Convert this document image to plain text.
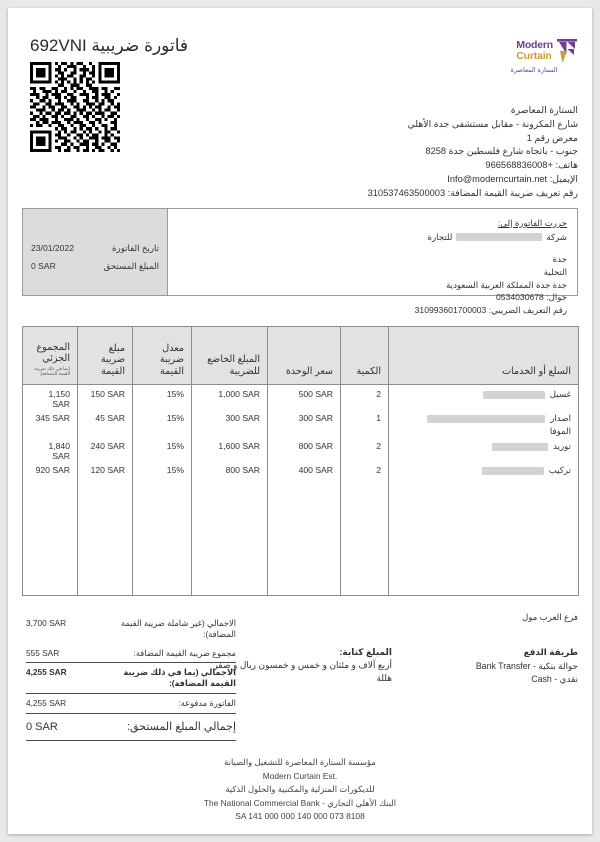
فاتورة ضريبية INV296	Modern
Curtain
الستارة المعاصرة
الستارة المعاصرة
شارع المكرونة - مقابل مستشفى جدة الأهلي
معرض رقم 1
جنوب - باتجاه شارع فلسطين جدة 8258
هاتف: +966568836008
الإيميل: Info@moderncurtain.net
رقم تعريف ضريبة القيمة المضافة: 310537463500003
تاريخ الفاتورة
23/01/2022
المبلغ المستحق
0 SAR
حررت الفاتورة إلى:
شركة
للتجارة
جدة
التحلية
جدة جدة المملكة العربية السعودية
جوال: 0534030678
رقم التعريف الضريبي: 310993601700003
السلع أو الخدمات	الكمية	سعر الوحدة	المبلغ الخاضع للضريبة	معدل ضريبة القيمة	مبلغ ضريبة القيمة	المجموع الجزئي
(بما في ذلك ضريبة القيمة المضافة)

غسيل	2	500 SAR	1,000 SAR	15%	150 SAR	1,150 SAR

اصدار
الموفا	1	300 SAR	300 SAR	15%	45 SAR	345 SAR

توريد	2	800 SAR	1,600 SAR	15%	240 SAR	1,840 SAR

تركيب	2	400 SAR	800 SAR	15%	120 SAR	920 SAR

فرع العرب مول
طريقة الدفع
حوالة بنكية - Bank Transfer
نقدي - Cash
المبلغ كتابة:
أربع آلاف و مئتان و خمس و خمسون ريال و صفر هللة
الاجمالي (غير شاملة ضريبة القيمة المضافة):
3,700 SAR
مجموع ضريبة القيمة المضافة:
555 SAR
الاجمالي (بما في ذلك ضريبة القيمة المضافة):
4,255 SAR
الفاتورة مدفوعة:
4,255 SAR
إجمالي المبلغ المستحق:
0 SAR
مؤسسة الستارة المعاصرة للتشغيل والصيانة
Modern Curtain Est.
للديكورات المنزلية والمكتبية والحلول الذكية
البنك الأهلي التجاري - The National Commercial Bank
SA 141 000 000 140 000 073 8108
